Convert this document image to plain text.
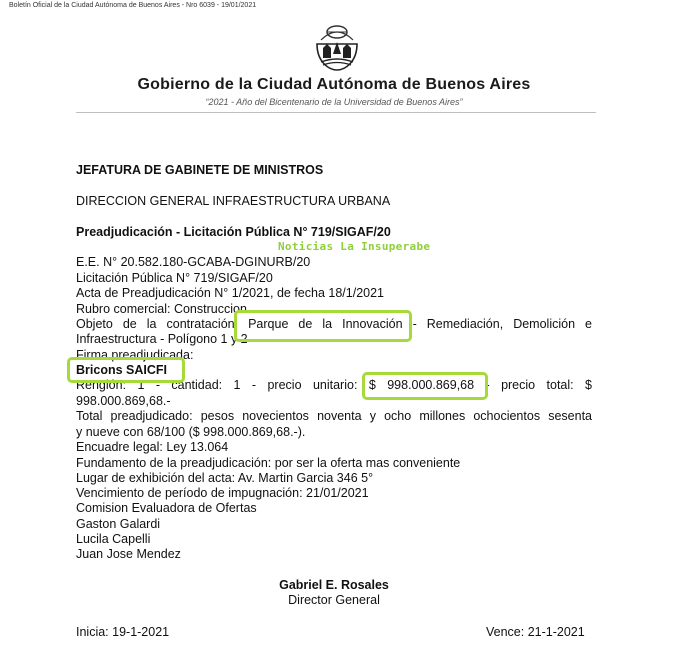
Boletín Oficial de la Ciudad Autónoma de Buenos Aires - Nro 6039 - 19/01/2021
Gobierno de la Ciudad Autónoma de Buenos Aires
“2021 - Año del Bicentenario de la Universidad de Buenos Aires”
JEFATURA DE GABINETE DE MINISTROS
DIRECCION GENERAL INFRAESTRUCTURA URBANA
Preadjudicación - Licitación Pública N° 719/SIGAF/20
Noticias La Insuperabe
E.E. N° 20.582.180-GCABA-DGINURB/20
Licitación Pública N° 719/SIGAF/20
Acta de Preadjudicación N° 1/2021, de fecha 18/1/2021
Rubro comercial: Construccion
Objeto de la contratación: Parque de la Innovación - Remediación, Demolición e
Infraestructura - Polígono 1 y 2
Firma preadjudicada:
Bricons SAICFI
Renglón: 1 - cantidad: 1 - precio unitario: $ 998.000.869,68 - precio total: $
998.000.869,68.-
Total preadjudicado: pesos novecientos noventa y ocho millones ochocientos sesenta
y nueve con 68/100 ($ 998.000.869,68.-).
Encuadre legal: Ley 13.064
Fundamento de la preadjudicación: por ser la oferta mas conveniente
Lugar de exhibición del acta: Av. Martin Garcia 346 5°
Vencimiento de período de impugnación: 21/01/2021
Comision Evaluadora de Ofertas
Gaston Galardi
Lucila Capelli
Juan Jose Mendez
Gabriel E. Rosales
Director General
Inicia: 19-1-2021	Vence: 21-1-2021
